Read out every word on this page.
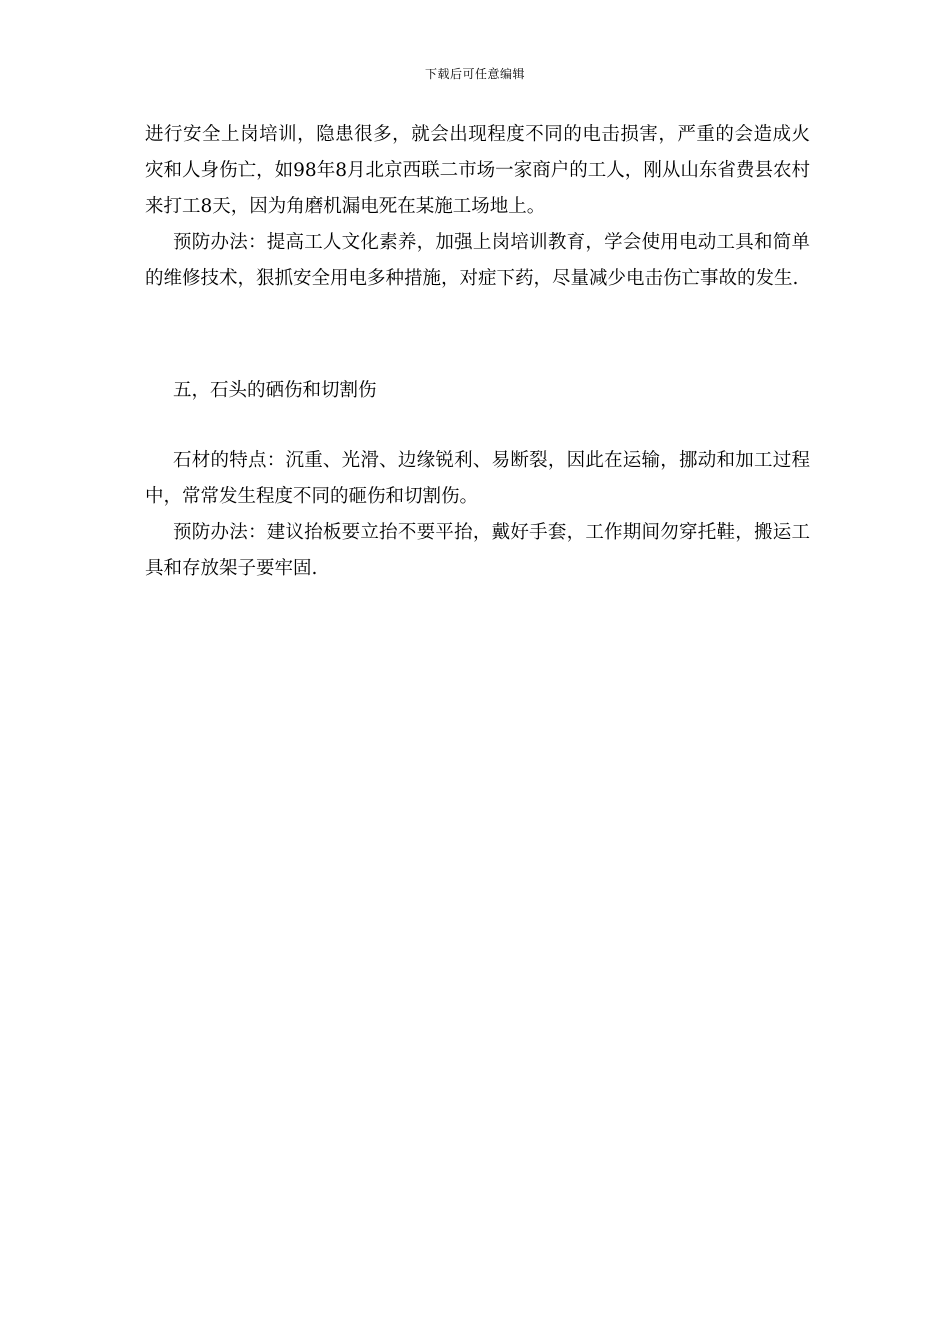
下载后可任意编辑

进行安全上岗培训，隐患很多，就会出现程度不同的电击损害，严重的会造成火灾和人身伤亡，如98年8月北京西联二市场一家商户的工人，刚从山东省费县农村来打工8天，因为角磨机漏电死在某施工场地上。

预防办法：提高工人文化素养，加强上岗培训教育，学会使用电动工具和简单的维修技术，狠抓安全用电多种措施，对症下药，尽量减少电击伤亡事故的发生.

五，石头的硒伤和切割伤

石材的特点：沉重、光滑、边缘锐利、易断裂，因此在运输，挪动和加工过程中，常常发生程度不同的砸伤和切割伤。

预防办法：建议抬板要立抬不要平抬，戴好手套，工作期间勿穿托鞋，搬运工具和存放架子要牢固.
